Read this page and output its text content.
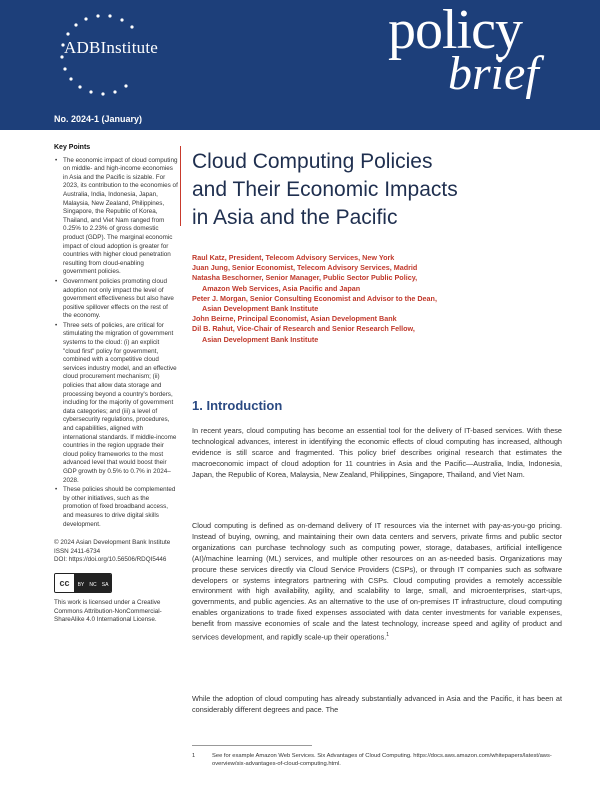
ADBInstitute	policy
brief
No. 2024-1 (January)
Key Points
• The economic impact of cloud computing on middle- and high-income economies in Asia and the Pacific is sizable. For 2023, its contribution to the economies of Australia, India, Indonesia, Japan, Malaysia, New Zealand, Philippines, Singapore, the Republic of Korea, Thailand, and Viet Nam ranged from 0.25% to 2.23% of gross domestic product (GDP). The marginal economic impact of cloud adoption is greater for countries with higher cloud penetration resulting from cloud-enabling government policies.
• Government policies promoting cloud adoption not only impact the level of government effectiveness but also have positive spillover effects on the rest of the economy.
• Three sets of policies, are critical for stimulating the migration of government systems to the cloud: (i) an explicit "cloud first" policy for government, combined with a competitive cloud services industry model, and an effective cloud procurement mechanism; (ii) policies that allow data storage and processing beyond a country's borders, including for the majority of government data categories; and (iii) a level of cybersecurity regulations, procedures, and capabilities, aligned with international standards. If middle-income countries in the region upgrade their cloud policy frameworks to the most advanced level that would boost their GDP growth by 0.5% to 0.7% in 2024–2028.
• These policies should be complemented by other initiatives, such as the promotion of fixed broadband access, and measures to drive digital skills development.
© 2024 Asian Development Bank Institute
ISSN 2411-6734
DOI: https://doi.org/10.56506/RDQI5446
cc	BY NC SA
This work is licensed under a Creative Commons Attribution-NonCommercial-ShareAlike 4.0 International License.
Cloud Computing Policies
and Their Economic Impacts
in Asia and the Pacific
Raul Katz, President, Telecom Advisory Services, New York
Juan Jung, Senior Economist, Telecom Advisory Services, Madrid
Natasha Beschorner, Senior Manager, Public Sector Public Policy,
Amazon Web Services, Asia Pacific and Japan
Peter J. Morgan, Senior Consulting Economist and Advisor to the Dean,
Asian Development Bank Institute
John Beirne, Principal Economist, Asian Development Bank
Dil B. Rahut, Vice-Chair of Research and Senior Research Fellow,
Asian Development Bank Institute
1. Introduction

In recent years, cloud computing has become an essential tool for the delivery of IT-based services. With these technological advances, interest in identifying the economic effects of cloud computing has increased, although evidence is still scarce and fragmented. This policy brief describes original research that estimates the macroeconomic impact of cloud adoption for 11 countries in Asia and the Pacific—Australia, India, Indonesia, Japan, the Republic of Korea, Malaysia, New Zealand, Philippines, Singapore, Thailand, and Viet Nam.

Cloud computing is defined as on-demand delivery of IT resources via the internet with pay-as-you-go pricing. Instead of buying, owning, and maintaining their own data centers and servers, private firms and public sector organizations can purchase technology such as computing power, storage, databases, artificial intelligence (AI)/machine learning (ML) services, and multiple other resources on an as-needed basis. Organizations may procure these services directly via Cloud Service Providers (CSPs), or through IT companies such as software developers or systems integrators partnering with CSPs. Cloud computing provides a remotely accessible environment with high availability, agility, and scalability to large, small, and microenterprises, start-ups, governments, and public agencies. As an alternative to the use of on-premises IT infrastructure, cloud computing enables organizations to trade fixed expenses associated with data center investments for variable expenses, benefit from massive economies of scale and the latest technology, increase speed and agility of product and services development, and rapidly scale-up their operations.$^1$

While the adoption of cloud computing has already substantially advanced in Asia and the Pacific, it has been at considerably different degrees and pace. The

1	See for example Amazon Web Services. Six Advantages of Cloud Computing. https://docs.aws.amazon.com/whitepapers/latest/aws-overview/six-advantages-of-cloud-computing.html.
